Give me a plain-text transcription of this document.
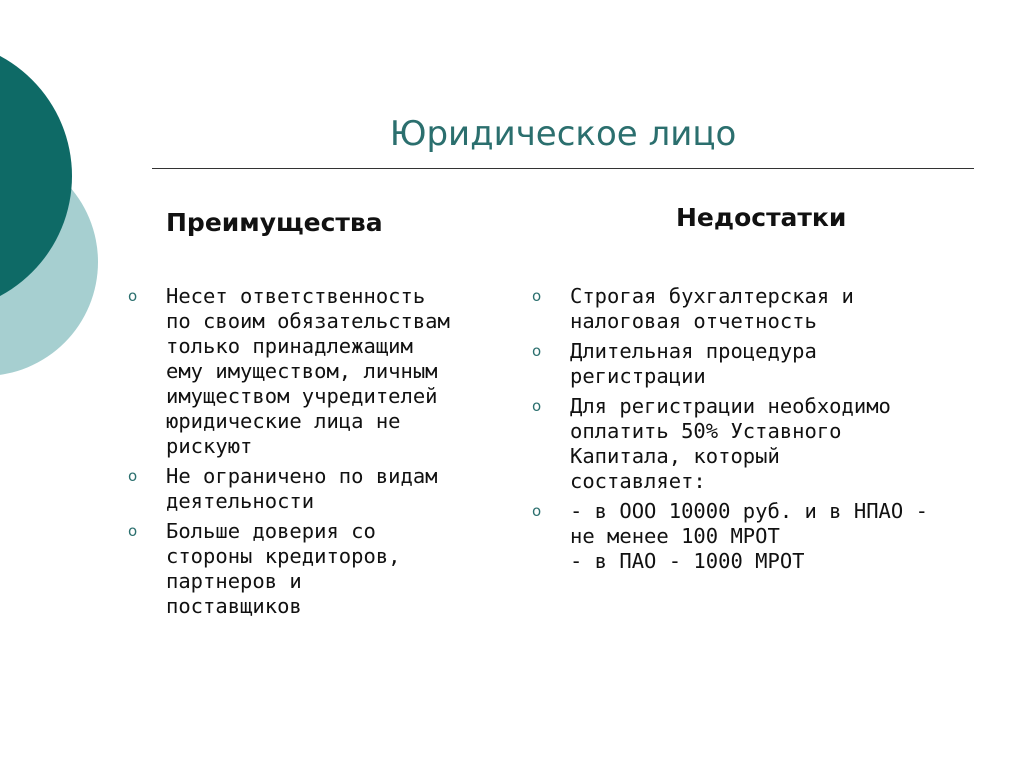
Юридическое лицо
Преимущества	Недостатки
o Несет ответственность
по своим обязательствам
только принадлежащим
ему имуществом, личным
имуществом учредителей
юридические лица не
рискуют
o Не ограничено по видам
деятельности
o Больше доверия со
стороны кредиторов,
партнеров и
поставщиков
o Строгая бухгалтерская и
налоговая отчетность
o Длительная процедура
регистрации
o Для регистрации необходимо
оплатить 50% Уставного
Капитала, который
составляет:
o - в ООО 10000 руб. и в НПАО -
не менее 100 МРОТ
- в ПАО - 1000 МРОТ
